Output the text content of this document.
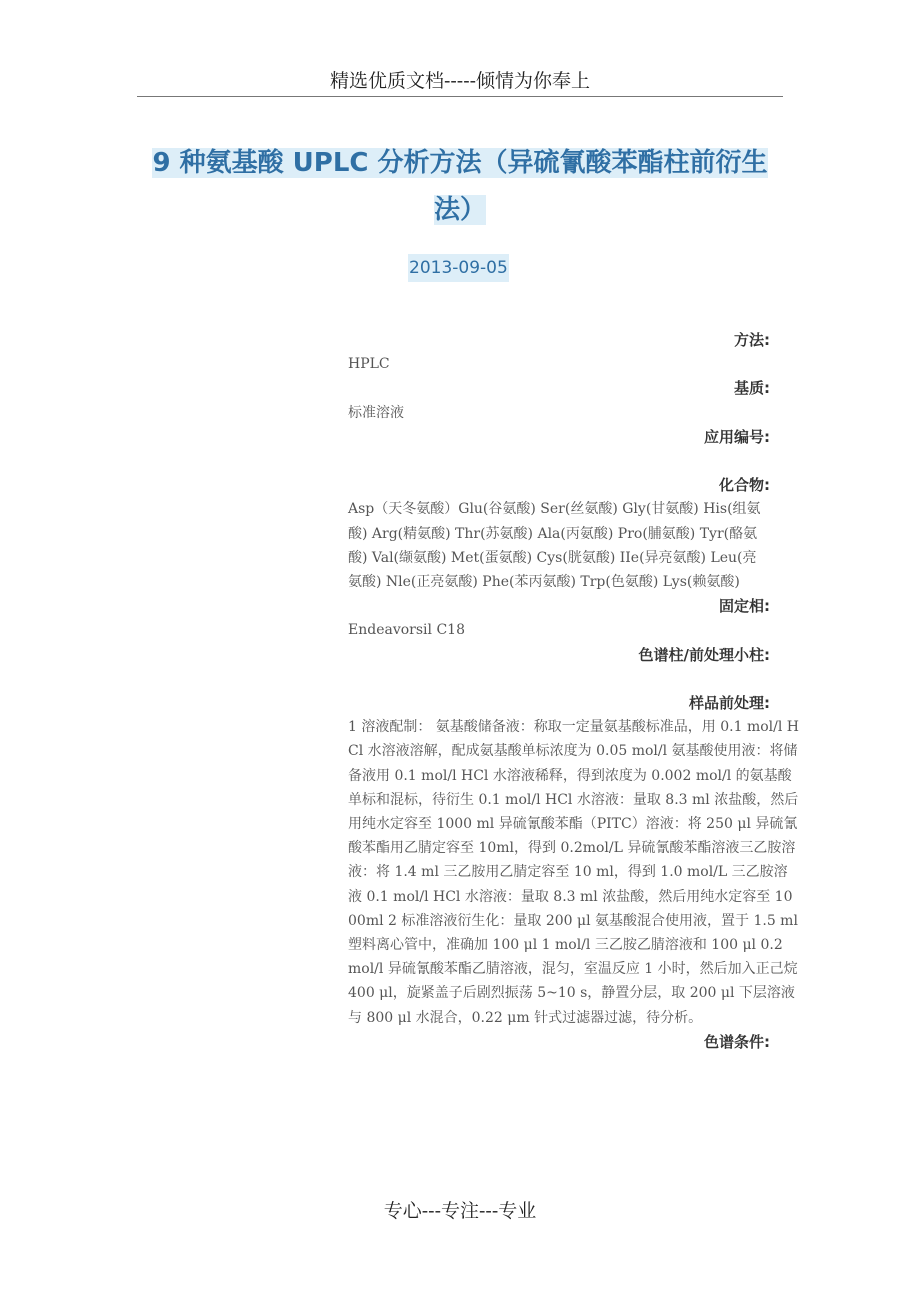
精选优质文档-----倾情为你奉上
9 种氨基酸 UPLC 分析方法（异硫氰酸苯酯柱前衍生
法）
2013-09-05
方法:
HPLC
基质:
标准溶液
应用编号:
化合物:
Asp（天冬氨酸）Glu(谷氨酸) Ser(丝氨酸) Gly(甘氨酸) His(组氨酸) Arg(精氨酸) Thr(苏氨酸) Ala(丙氨酸) Pro(脯氨酸) Tyr(酪氨酸) Val(缬氨酸) Met(蛋氨酸) Cys(胱氨酸) IIe(异亮氨酸) Leu(亮氨酸) Nle(正亮氨酸) Phe(苯丙氨酸) Trp(色氨酸) Lys(赖氨酸)
固定相:
Endeavorsil C18
色谱柱/前处理小柱:
样品前处理:
1 溶液配制： 氨基酸储备液：称取一定量氨基酸标准品，用 0.1 mol/l HCl 水溶液溶解，配成氨基酸单标浓度为 0.05 mol/l 氨基酸使用液：将储备液用 0.1 mol/l HCl 水溶液稀释，得到浓度为 0.002 mol/l 的氨基酸单标和混标，待衍生 0.1 mol/l HCl 水溶液：量取 8.3 ml 浓盐酸，然后用纯水定容至 1000 ml 异硫氰酸苯酯（PITC）溶液：将 250 μl 异硫氰酸苯酯用乙腈定容至 10ml，得到 0.2mol/L 异硫氰酸苯酯溶液三乙胺溶液：将 1.4 ml 三乙胺用乙腈定容至 10 ml，得到 1.0 mol/L 三乙胺溶液 0.1 mol/l HCl 水溶液：量取 8.3 ml 浓盐酸，然后用纯水定容至 1000ml 2 标准溶液衍生化：量取 200 μl 氨基酸混合使用液，置于 1.5 ml 塑料离心管中，准确加 100 μl 1 mol/l 三乙胺乙腈溶液和 100 μl 0.2 mol/l 异硫氰酸苯酯乙腈溶液，混匀，室温反应 1 小时，然后加入正己烷 400 μl，旋紧盖子后剧烈振荡 5~10 s，静置分层，取 200 μl 下层溶液与 800 μl 水混合，0.22 μm 针式过滤器过滤，待分析。
色谱条件:
专心---专注---专业
